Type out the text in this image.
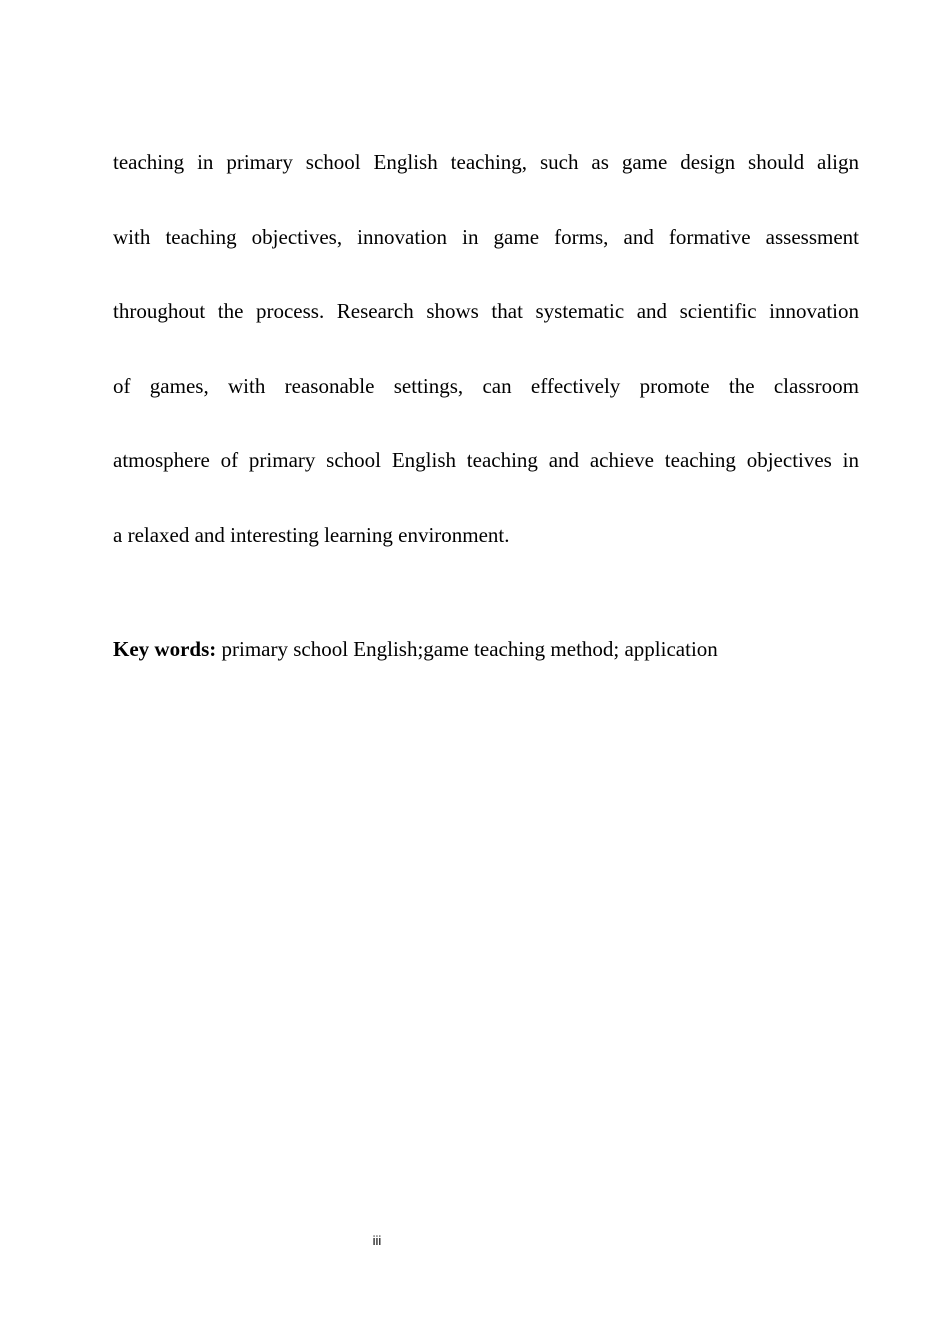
teaching in primary school English teaching, such as game design should align
with teaching objectives, innovation in game forms, and formative assessment
throughout the process. Research shows that systematic and scientific innovation
of games, with reasonable settings, can effectively promote the classroom
atmosphere of primary school English teaching and achieve teaching objectives in
a relaxed and interesting learning environment.

Key words: primary school English;game teaching method; application

iii
